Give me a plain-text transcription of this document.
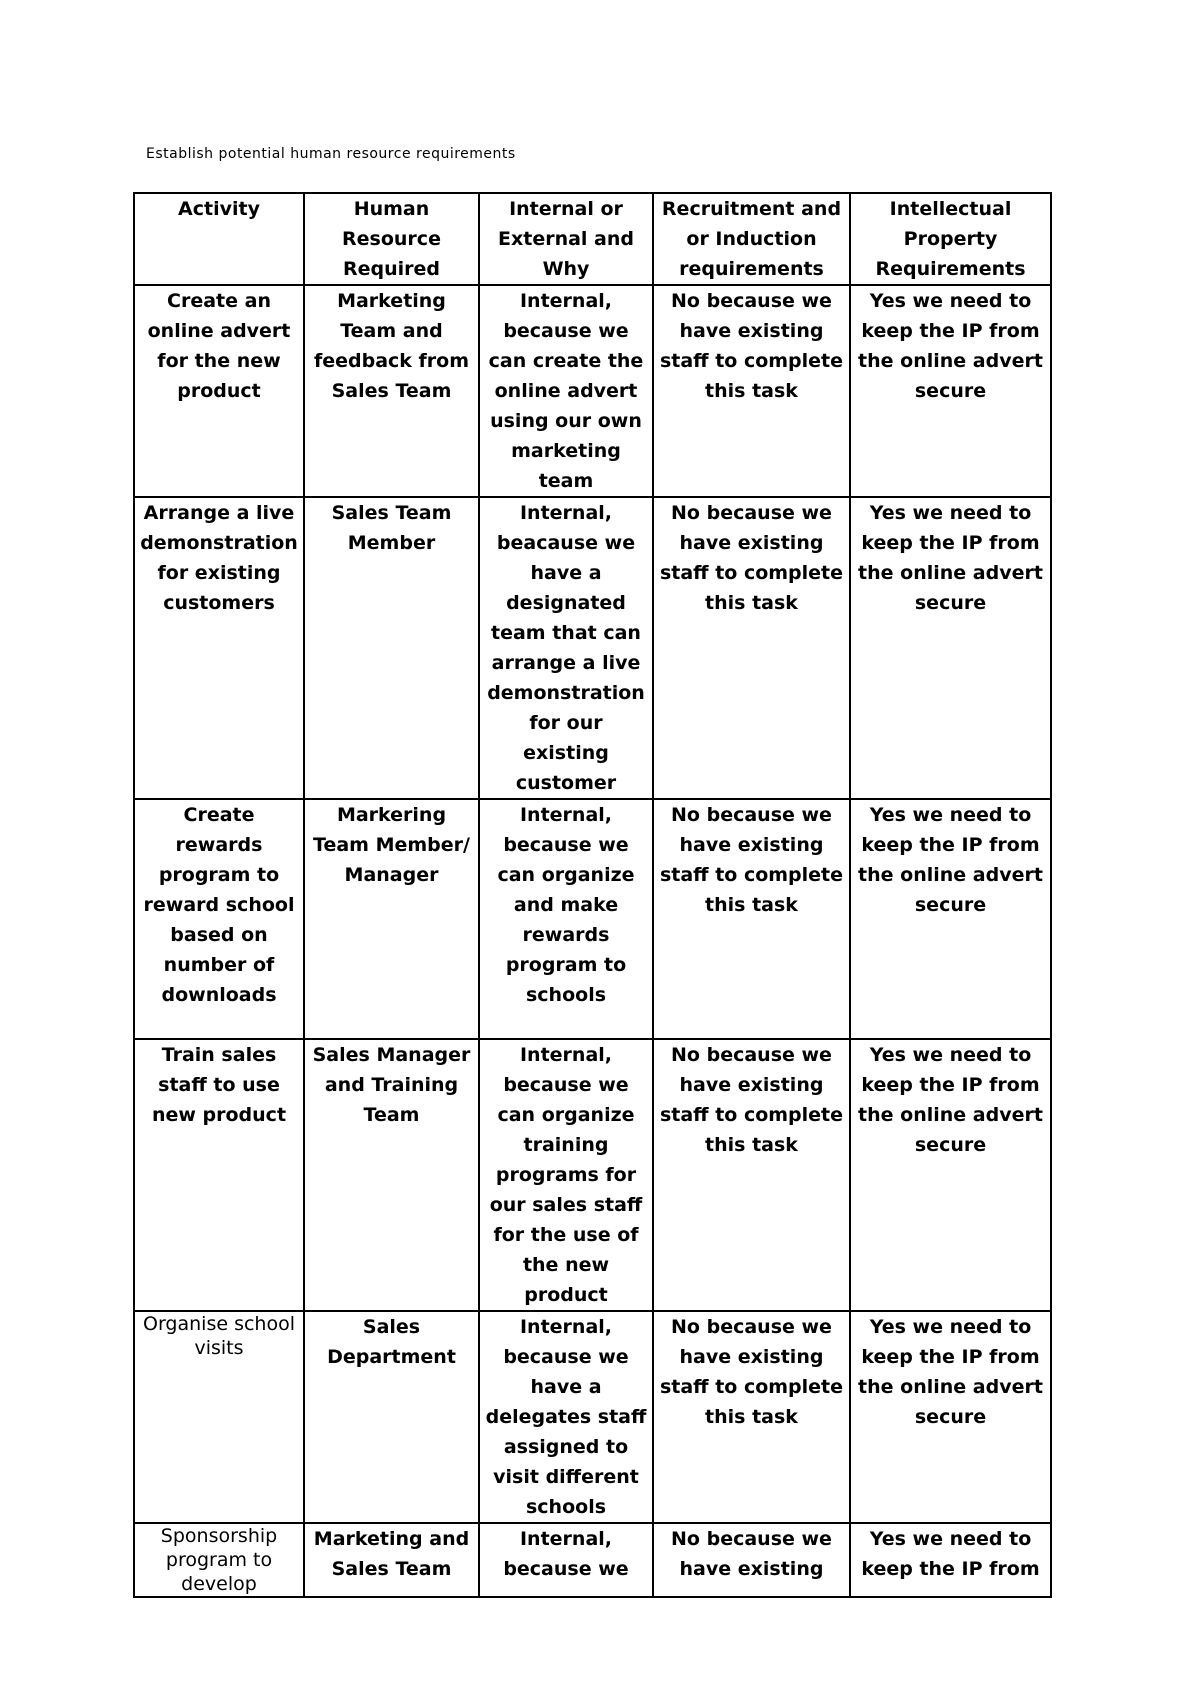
Establish potential human resource requirements
Activity	Human Resource Required	Internal or External and Why	Recruitment and or Induction requirements	Intellectual Property Requirements
Create an online advert for the new product	Marketing Team and feedback from Sales Team	Internal, because we can create the online advert using our own marketing team	No because we have existing staff to complete this task	Yes we need to keep the IP from the online advert secure
Arrange a live demonstration for existing customers	Sales Team Member	Internal, beacause we have a designated team that can arrange a live demonstration for our existing customer	No because we have existing staff to complete this task	Yes we need to keep the IP from the online advert secure
Create rewards program to reward school based on number of downloads	Markering Team Member/ Manager	Internal, because we can organize and make rewards program to schools	No because we have existing staff to complete this task	Yes we need to keep the IP from the online advert secure
Train sales staff to use new product	Sales Manager and Training Team	Internal, because we can organize training programs for our sales staff for the use of the new product	No because we have existing staff to complete this task	Yes we need to keep the IP from the online advert secure
Organise school visits	Sales Department	Internal, because we have a delegates staff assigned to visit different schools	No because we have existing staff to complete this task	Yes we need to keep the IP from the online advert secure
Sponsorship program to develop	Marketing and Sales Team	Internal, because we	No because we have existing	Yes we need to keep the IP from
